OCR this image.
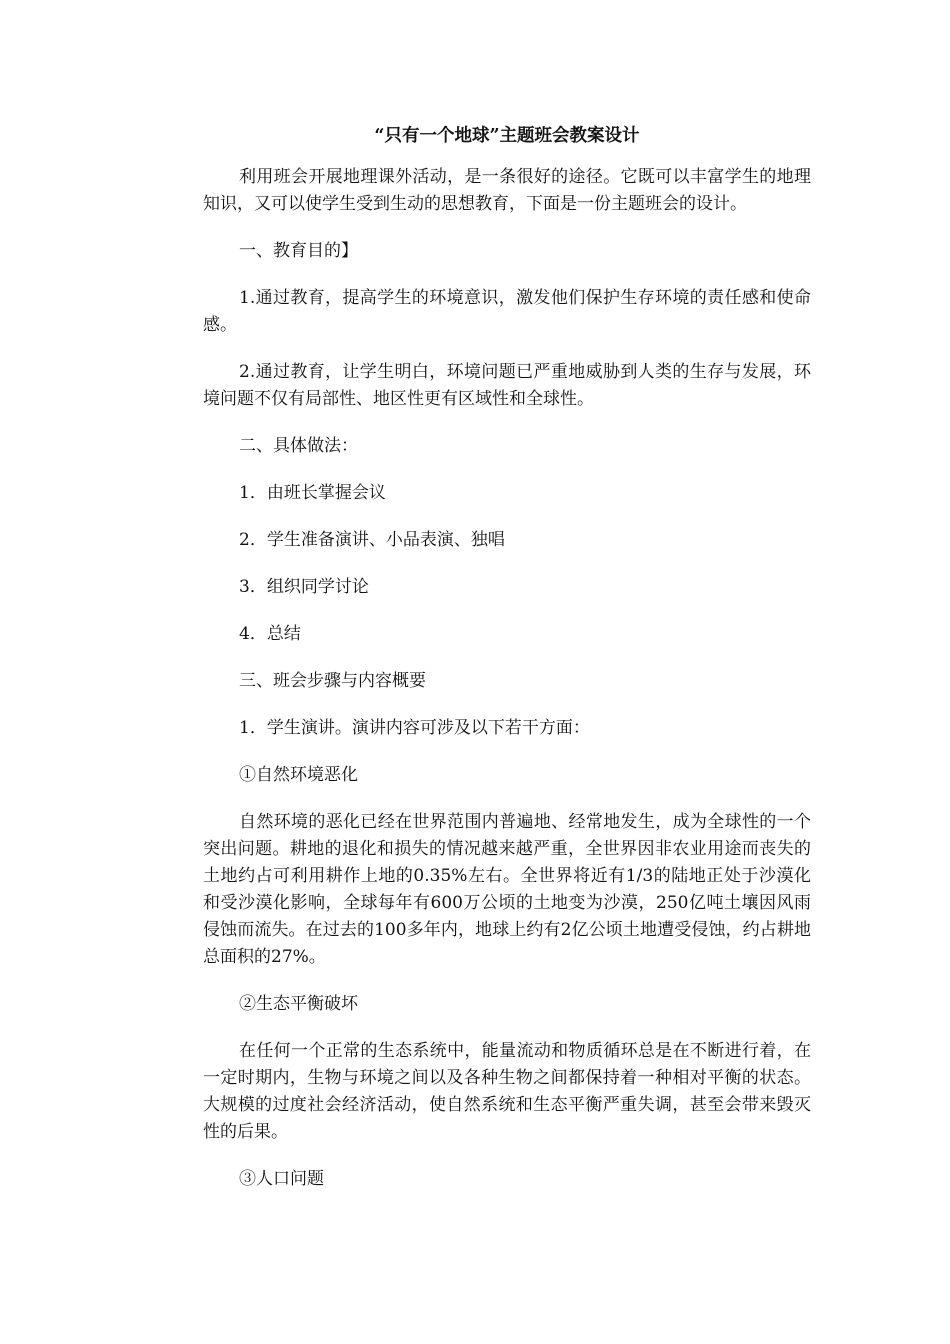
“只有一个地球”主题班会教案设计
利用班会开展地理课外活动，是一条很好的途径。它既可以丰富学生的地理知识，又可以使学生受到生动的思想教育，下面是一份主题班会的设计。
一、教育目的】
1.通过教育，提高学生的环境意识，激发他们保护生存环境的责任感和使命感。
2.通过教育，让学生明白，环境问题已严重地威胁到人类的生存与发展，环境问题不仅有局部性、地区性更有区域性和全球性。
二、具体做法：
1．由班长掌握会议
2．学生准备演讲、小品表演、独唱
3．组织同学讨论
4．总结
三、班会步骤与内容概要
1．学生演讲。演讲内容可涉及以下若干方面：
①自然环境恶化
自然环境的恶化已经在世界范围内普遍地、经常地发生，成为全球性的一个突出问题。耕地的退化和损失的情况越来越严重，全世界因非农业用途而丧失的土地约占可利用耕作上地的0.35%左右。全世界将近有1/3的陆地正处于沙漠化和受沙漠化影响，全球每年有600万公顷的土地变为沙漠，250亿吨土壤因风雨侵蚀而流失。在过去的100多年内，地球上约有2亿公顷土地遭受侵蚀，约占耕地总面积的27%。
②生态平衡破坏
在任何一个正常的生态系统中，能量流动和物质循环总是在不断进行着，在一定时期内，生物与环境之间以及各种生物之间都保持着一种相对平衡的状态。大规模的过度社会经济活动，使自然系统和生态平衡严重失调，甚至会带来毁灭性的后果。
③人口问题
